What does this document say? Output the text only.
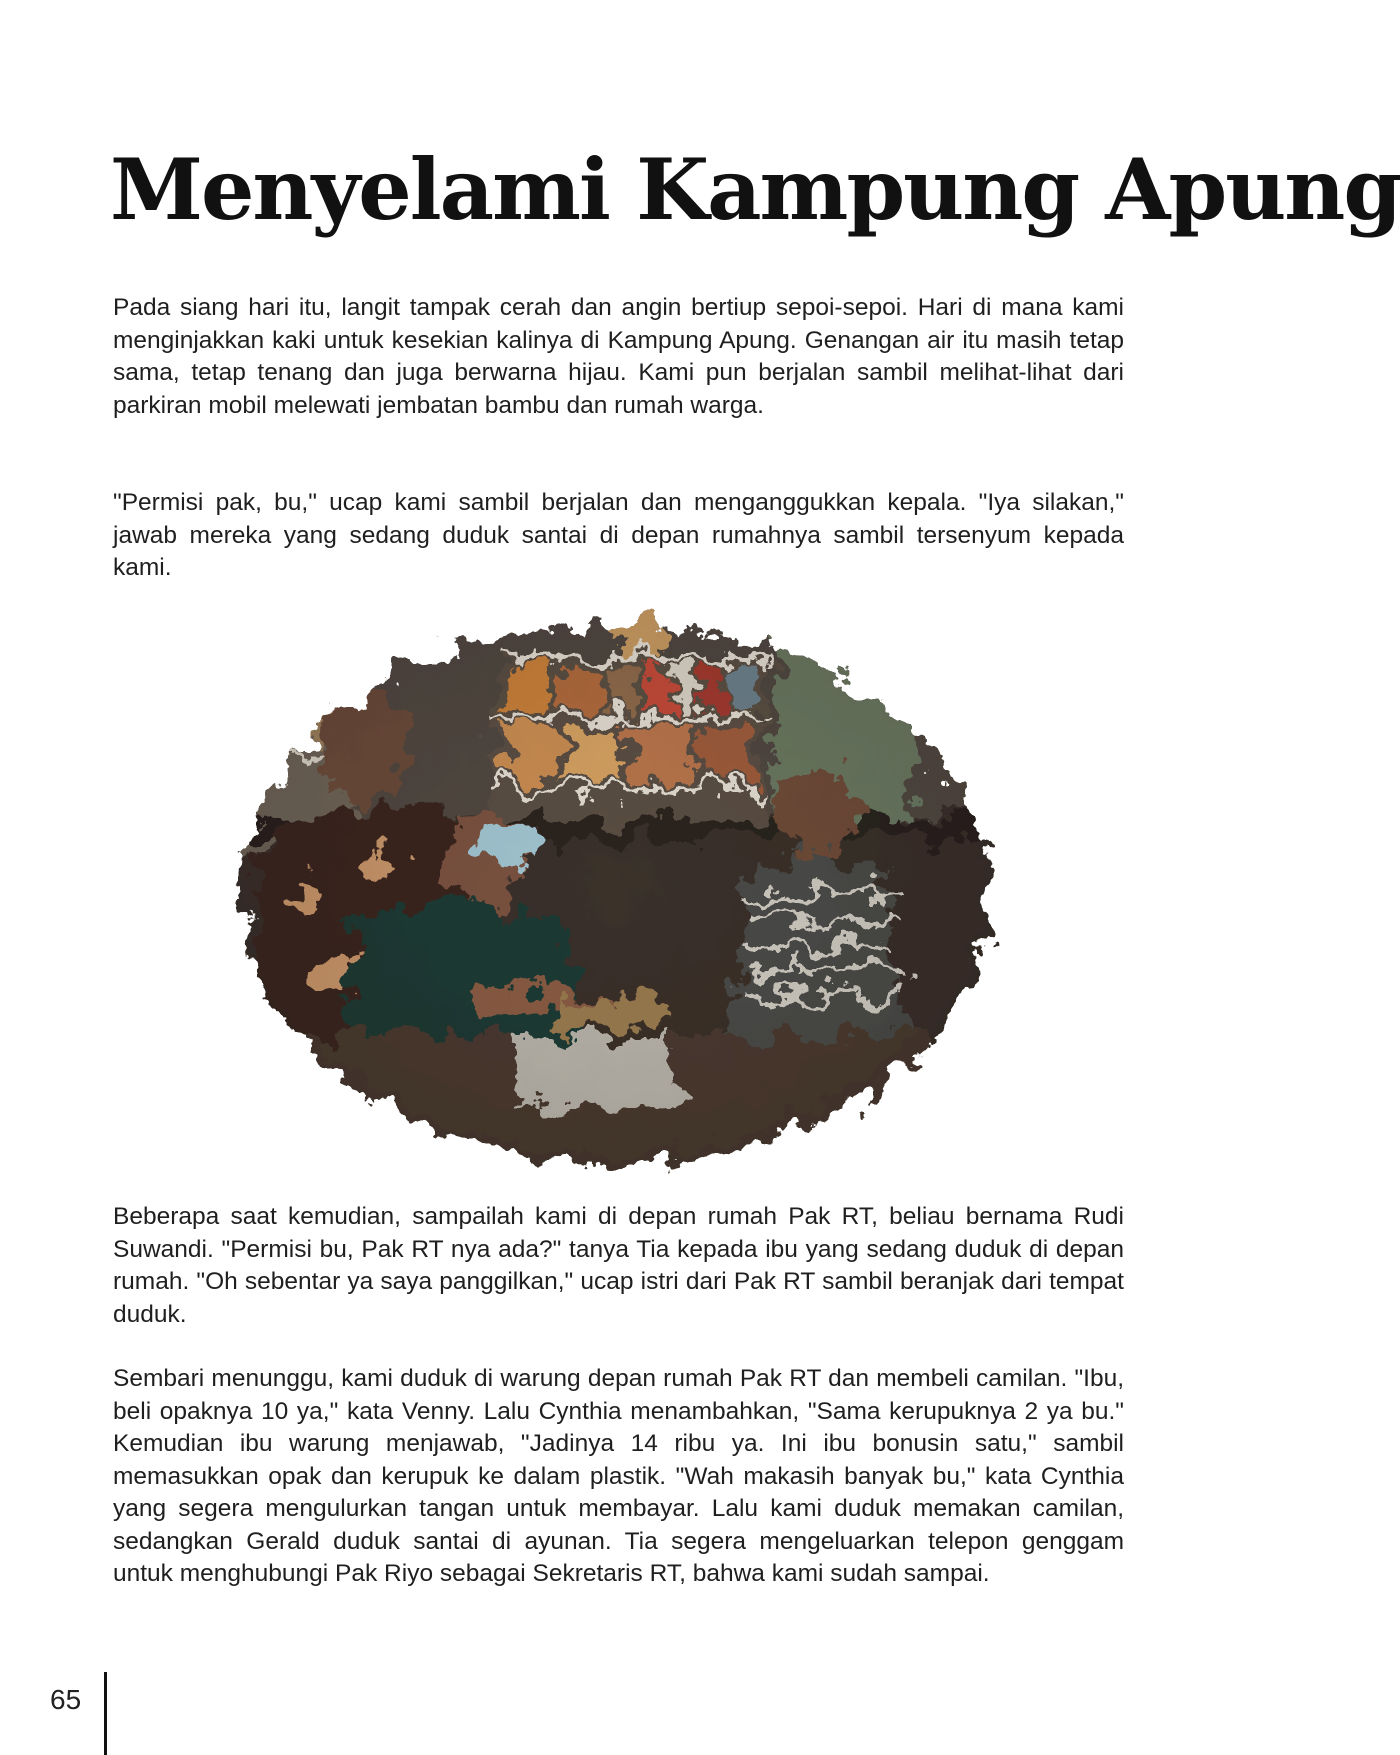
Menyelami Kampung Apung

Pada siang hari itu, langit tampak cerah dan angin bertiup sepoi-sepoi. Hari di mana kami menginjakkan kaki untuk kesekian kalinya di Kampung Apung. Genangan air itu masih tetap sama, tetap tenang dan juga berwarna hijau. Kami pun berjalan sambil melihat-lihat dari parkiran mobil melewati jembatan bambu dan rumah warga.

"Permisi pak, bu," ucap kami sambil berjalan dan menganggukkan kepala. "Iya silakan," jawab mereka yang sedang duduk santai di depan rumahnya sambil tersenyum kepada kami.

Beberapa saat kemudian, sampailah kami di depan rumah Pak RT, beliau bernama Rudi Suwandi. "Permisi bu, Pak RT nya ada?" tanya Tia kepada ibu yang sedang duduk di depan rumah. "Oh sebentar ya saya panggilkan," ucap istri dari Pak RT sambil beranjak dari tempat duduk.

Sembari menunggu, kami duduk di warung depan rumah Pak RT dan membeli camilan. "Ibu, beli opaknya 10 ya," kata Venny. Lalu Cynthia menambahkan, "Sama kerupuknya 2 ya bu." Kemudian ibu warung menjawab, "Jadinya 14 ribu ya. Ini ibu bonusin satu," sambil memasukkan opak dan kerupuk ke dalam plastik. "Wah makasih banyak bu," kata Cynthia yang segera mengulurkan tangan untuk membayar. Lalu kami duduk memakan camilan, sedangkan Gerald duduk santai di ayunan. Tia segera mengeluarkan telepon genggam untuk menghubungi Pak Riyo sebagai Sekretaris RT, bahwa kami sudah sampai.

65
